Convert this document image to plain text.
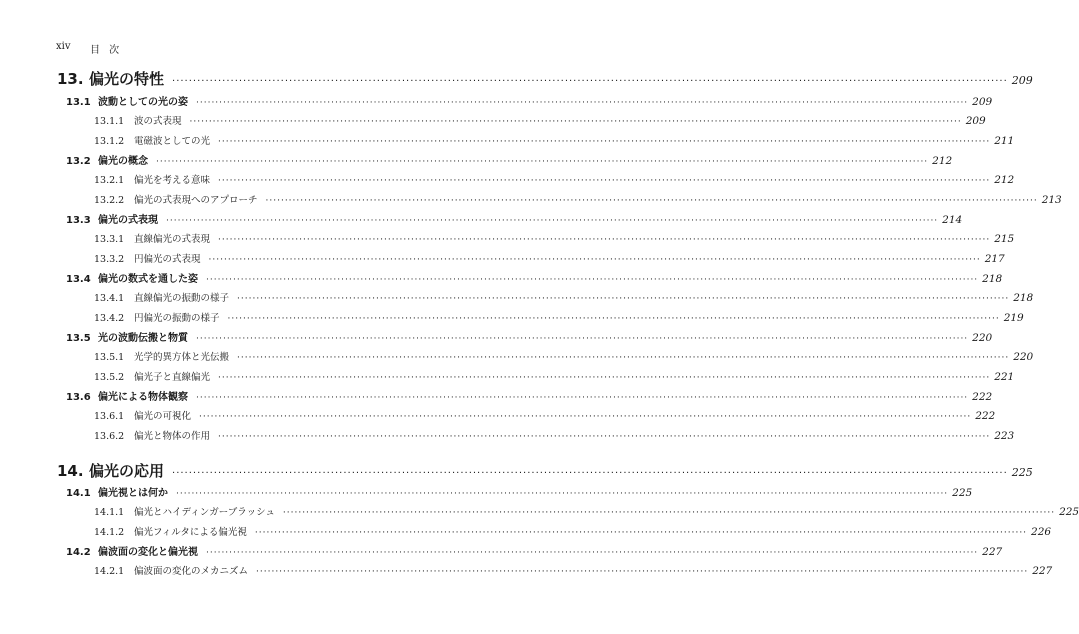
xiv 目 次
13. 偏光の特性 ········································································································································································································ 209
13.1 波動としての光の姿 ········································································································································································································ 209
13.1.1	波の式表現 ········································································································································································································ 209
13.1.2	電磁波としての光 ········································································································································································································ 211
13.2 偏光の概念 ········································································································································································································ 212
13.2.1	偏光を考える意味 ········································································································································································································ 212
13.2.2	偏光の式表現へのアプローチ ········································································································································································································ 213
13.3 偏光の式表現 ········································································································································································································ 214
13.3.1	直線偏光の式表現 ········································································································································································································ 215
13.3.2	円偏光の式表現 ········································································································································································································ 217
13.4 偏光の数式を通した姿 ········································································································································································································ 218
13.4.1	直線偏光の振動の様子 ········································································································································································································ 218
13.4.2	円偏光の振動の様子 ········································································································································································································ 219
13.5 光の波動伝搬と物質 ········································································································································································································ 220
13.5.1	光学的異方体と光伝搬 ········································································································································································································ 220
13.5.2	偏光子と直線偏光 ········································································································································································································ 221
13.6 偏光による物体観察 ········································································································································································································ 222
13.6.1	偏光の可視化 ········································································································································································································ 222
13.6.2	偏光と物体の作用 ········································································································································································································ 223
14. 偏光の応用 ········································································································································································································ 225
14.1 偏光視とは何か ········································································································································································································ 225
14.1.1	偏光とハイディンガーブラッシュ ········································································································································································································ 225
14.1.2	偏光フィルタによる偏光視 ········································································································································································································ 226
14.2 偏波面の変化と偏光視 ········································································································································································································ 227
14.2.1	偏波面の変化のメカニズム ········································································································································································································ 227
